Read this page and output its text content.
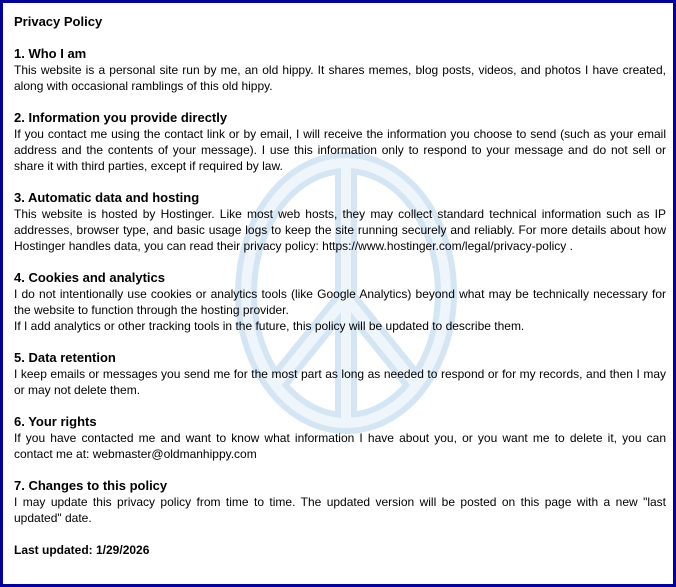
Privacy Policy
1. Who I am

This website is a personal site run by me, an old hippy. It shares memes, blog posts, videos, and photos I have created, along with occasional ramblings of this old hippy.

2. Information you provide directly

If you contact me using the contact link or by email, I will receive the information you choose to send (such as your email address and the contents of your message). I use this information only to respond to your message and do not sell or share it with third parties, except if required by law.

3. Automatic data and hosting

This website is hosted by Hostinger. Like most web hosts, they may collect standard technical information such as IP addresses, browser type, and basic usage logs to keep the site running securely and reliably. For more details about how Hostinger handles data, you can read their privacy policy: https://www.hostinger.com/legal/privacy-policy .

4. Cookies and analytics

I do not intentionally use cookies or analytics tools (like Google Analytics) beyond what may be technically necessary for the website to function through the hosting provider.

If I add analytics or other tracking tools in the future, this policy will be updated to describe them.

5. Data retention

I keep emails or messages you send me for the most part as long as needed to respond or for my records, and then I may or may not delete them.

6. Your rights

If you have contacted me and want to know what information I have about you, or you want me to delete it, you can contact me at: webmaster@oldmanhippy.com

7. Changes to this policy

I may update this privacy policy from time to time. The updated version will be posted on this page with a new "last updated" date.

Last updated: 1/29/2026
